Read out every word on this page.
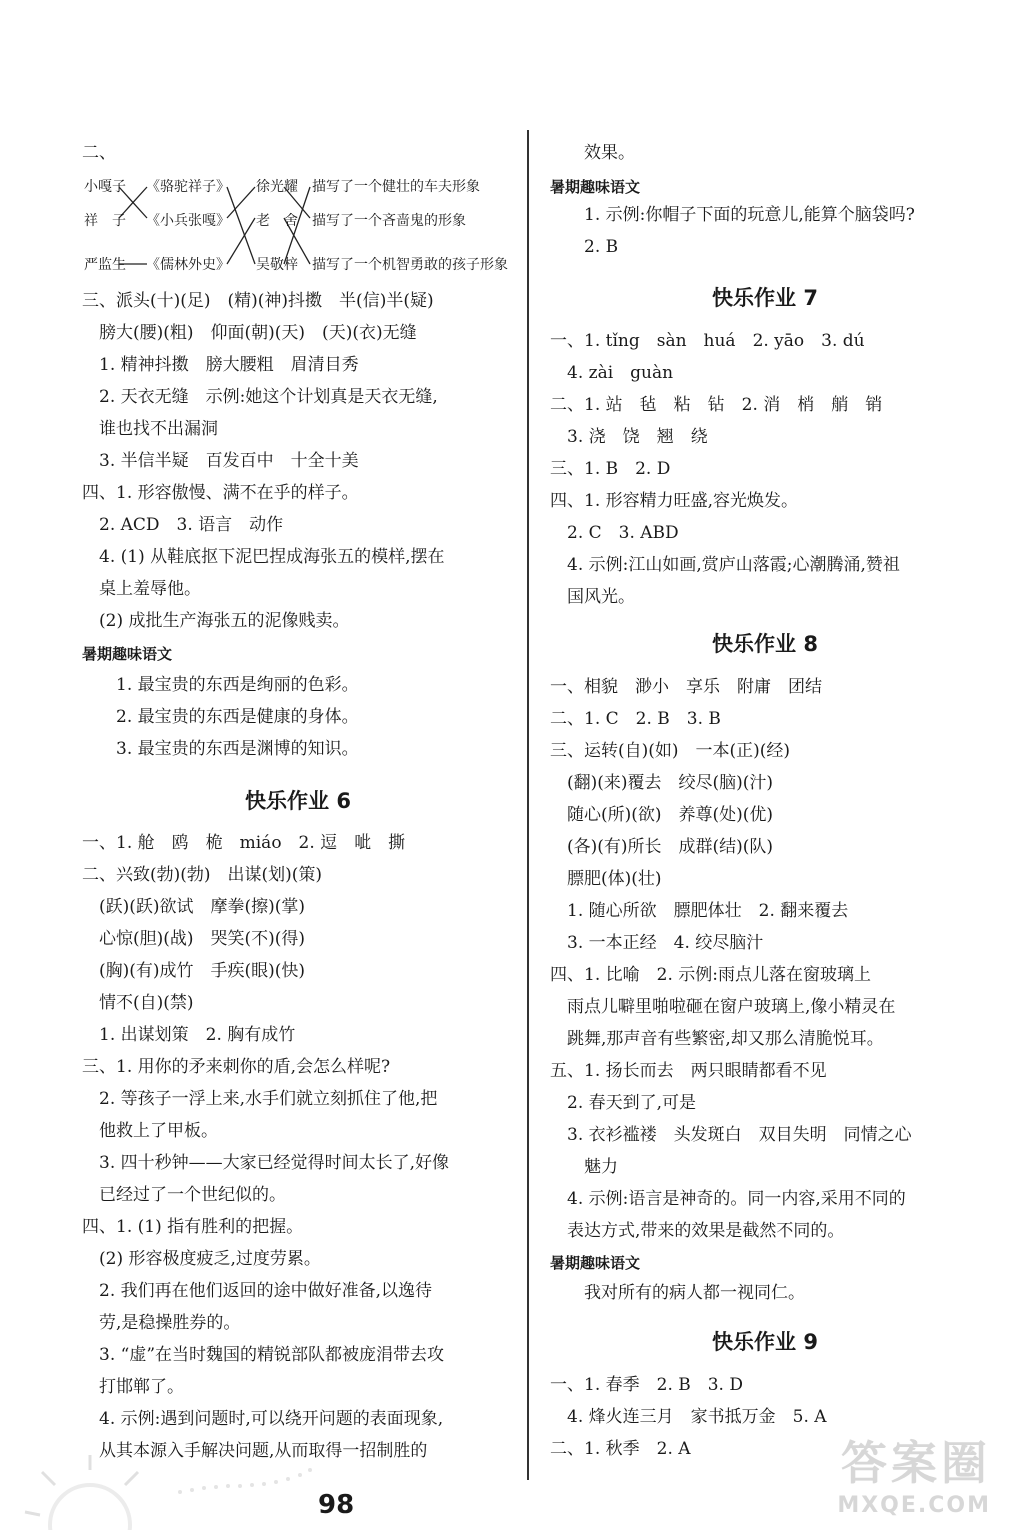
二、
小嘎子 《骆驼祥子》 徐光耀 描写了一个健壮的车夫形象
祥　子 《小兵张嘎》 老　舍 描写了一个吝啬鬼的形象
严监生 《儒林外史》 吴敬梓 描写了一个机智勇敢的孩子形象
三、派头(十)(足)　(精)(神)抖擞　半(信)半(疑)
　膀大(腰)(粗)　仰面(朝)(天)　(天)(衣)无缝
　1. 精神抖擞　膀大腰粗　眉清目秀
　2. 天衣无缝　示例:她这个计划真是天衣无缝,
　谁也找不出漏洞
　3. 半信半疑　百发百中　十全十美
四、1. 形容傲慢、满不在乎的样子。
　2. ACD　3. 语言　动作
　4. (1) 从鞋底抠下泥巴捏成海张五的模样,摆在
　桌上羞辱他。
　(2) 成批生产海张五的泥像贱卖。
暑期趣味语文
　　1. 最宝贵的东西是绚丽的色彩。
　　2. 最宝贵的东西是健康的身体。
　　3. 最宝贵的东西是渊博的知识。
快乐作业 6
一、1. 舱　鸥　桅　miáo　2. 逗　呲　撕
二、兴致(勃)(勃)　出谋(划)(策)
　(跃)(跃)欲试　摩拳(擦)(掌)
　心惊(胆)(战)　哭笑(不)(得)
　(胸)(有)成竹　手疾(眼)(快)
　情不(自)(禁)
　1. 出谋划策　2. 胸有成竹
三、1. 用你的矛来刺你的盾,会怎么样呢?
　2. 等孩子一浮上来,水手们就立刻抓住了他,把
　他救上了甲板。
　3. 四十秒钟——大家已经觉得时间太长了,好像
　已经过了一个世纪似的。
四、1. (1) 指有胜利的把握。
　(2) 形容极度疲乏,过度劳累。
　2. 我们再在他们返回的途中做好准备,以逸待
　劳,是稳操胜券的。
　3. “虚”在当时魏国的精锐部队都被庞涓带去攻
　打邯郸了。
　4. 示例:遇到问题时,可以绕开问题的表面现象,
　从其本源入手解决问题,从而取得一招制胜的
　　效果。
暑期趣味语文
　　1. 示例:你帽子下面的玩意儿,能算个脑袋吗?
　　2. B
快乐作业 7
一、1. tǐng　sàn　huá　2. yāo　3. dú
　4. zài　guàn
二、1. 站　毡　粘　钻　2. 消　梢　艄　销
　3. 浇　饶　翘　绕
三、1. B　2. D
四、1. 形容精力旺盛,容光焕发。
　2. C　3. ABD
　4. 示例:江山如画,赏庐山落霞;心潮腾涌,赞祖
　国风光。
快乐作业 8
一、相貌　渺小　享乐　附庸　团结
二、1. C　2. B　3. B
三、运转(自)(如)　一本(正)(经)
　(翻)(来)覆去　绞尽(脑)(汁)
　随心(所)(欲)　养尊(处)(优)
　(各)(有)所长　成群(结)(队)
　膘肥(体)(壮)
　1. 随心所欲　膘肥体壮　2. 翻来覆去
　3. 一本正经　4. 绞尽脑汁
四、1. 比喻　2. 示例:雨点儿落在窗玻璃上
　雨点儿噼里啪啦砸在窗户玻璃上,像小精灵在
　跳舞,那声音有些繁密,却又那么清脆悦耳。
五、1. 扬长而去　两只眼睛都看不见
　2. 春天到了,可是
　3. 衣衫褴褛　头发斑白　双目失明　同情之心
　　魅力
　4. 示例:语言是神奇的。同一内容,采用不同的
　表达方式,带来的效果是截然不同的。
暑期趣味语文
　　我对所有的病人都一视同仁。
快乐作业 9
一、1. 春季　2. B　3. D
　4. 烽火连三月　家书抵万金　5. A
二、1. 秋季　2. A
98
答案圈
MXQE.COM
